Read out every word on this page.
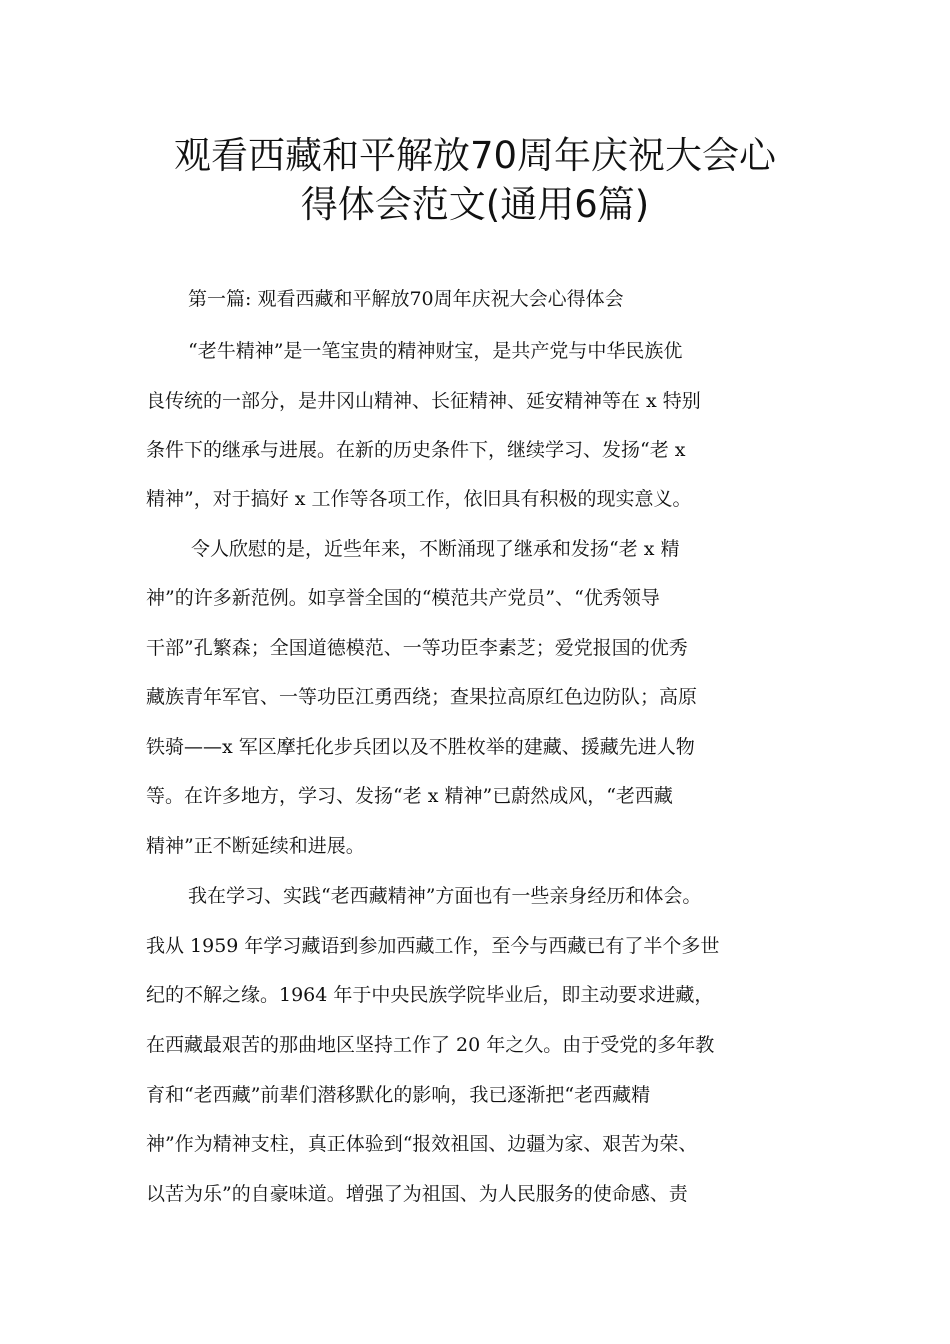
观看西藏和平解放70周年庆祝大会心
得体会范文(通用6篇)
第一篇: 观看西藏和平解放70周年庆祝大会心得体会
“老牛精神”是一笔宝贵的精神财宝，是共产党与中华民族优
良传统的一部分，是井冈山精神、长征精神、延安精神等在 x 特别
条件下的继承与进展。在新的历史条件下，继续学习、发扬“老 x
精神”，对于搞好 x 工作等各项工作，依旧具有积极的现实意义。
令人欣慰的是，近些年来，不断涌现了继承和发扬“老 x 精
神”的许多新范例。如享誉全国的“模范共产党员”、“优秀领导
干部”孔繁森；全国道德模范、一等功臣李素芝；爱党报国的优秀
藏族青年军官、一等功臣江勇西绕；查果拉高原红色边防队；高原
铁骑——x 军区摩托化步兵团以及不胜枚举的建藏、援藏先进人物
等。在许多地方，学习、发扬“老 x 精神”已蔚然成风，“老西藏
精神”正不断延续和进展。
我在学习、实践“老西藏精神”方面也有一些亲身经历和体会。
我从 1959 年学习藏语到参加西藏工作，至今与西藏已有了半个多世
纪的不解之缘。1964 年于中央民族学院毕业后，即主动要求进藏，
在西藏最艰苦的那曲地区坚持工作了 20 年之久。由于受党的多年教
育和“老西藏”前辈们潜移默化的影响，我已逐渐把“老西藏精
神”作为精神支柱，真正体验到“报效祖国、边疆为家、艰苦为荣、
以苦为乐”的自豪味道。增强了为祖国、为人民服务的使命感、责
